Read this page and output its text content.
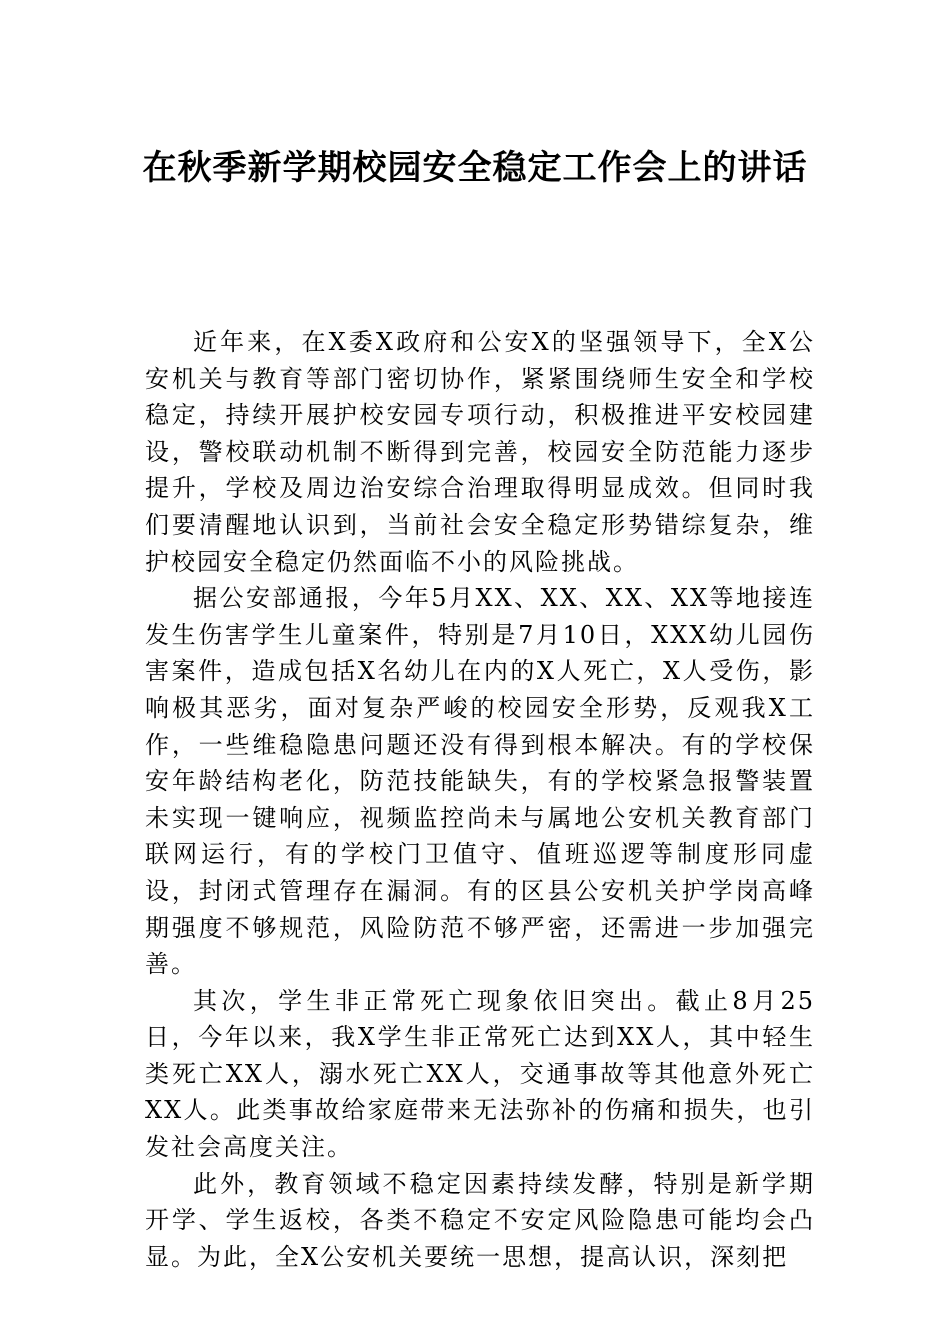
在秋季新学期校园安全稳定工作会上的讲话

近年来，在X委X政府和公安X的坚强领导下，全X公安机关与教育等部门密切协作，紧紧围绕师生安全和学校稳定，持续开展护校安园专项行动，积极推进平安校园建设，警校联动机制不断得到完善，校园安全防范能力逐步提升，学校及周边治安综合治理取得明显成效。但同时我们要清醒地认识到，当前社会安全稳定形势错综复杂，维护校园安全稳定仍然面临不小的风险挑战。

据公安部通报，今年5月XX、XX、XX、XX等地接连发生伤害学生儿童案件，特别是7月10日，XXX幼儿园伤害案件，造成包括X名幼儿在内的X人死亡，X人受伤，影响极其恶劣，面对复杂严峻的校园安全形势，反观我X工作，一些维稳隐患问题还没有得到根本解决。有的学校保安年龄结构老化，防范技能缺失，有的学校紧急报警装置未实现一键响应，视频监控尚未与属地公安机关教育部门联网运行，有的学校门卫值守、值班巡逻等制度形同虚设，封闭式管理存在漏洞。有的区县公安机关护学岗高峰期强度不够规范，风险防范不够严密，还需进一步加强完善。

其次，学生非正常死亡现象依旧突出。截止8月25日，今年以来，我X学生非正常死亡达到XX人，其中轻生类死亡XX人，溺水死亡XX人，交通事故等其他意外死亡XX人。此类事故给家庭带来无法弥补的伤痛和损失，也引发社会高度关注。

此外，教育领域不稳定因素持续发酵，特别是新学期开学、学生返校，各类不稳定不安定风险隐患可能均会凸显。为此，全X公安机关要统一思想，提高认识，深刻把
